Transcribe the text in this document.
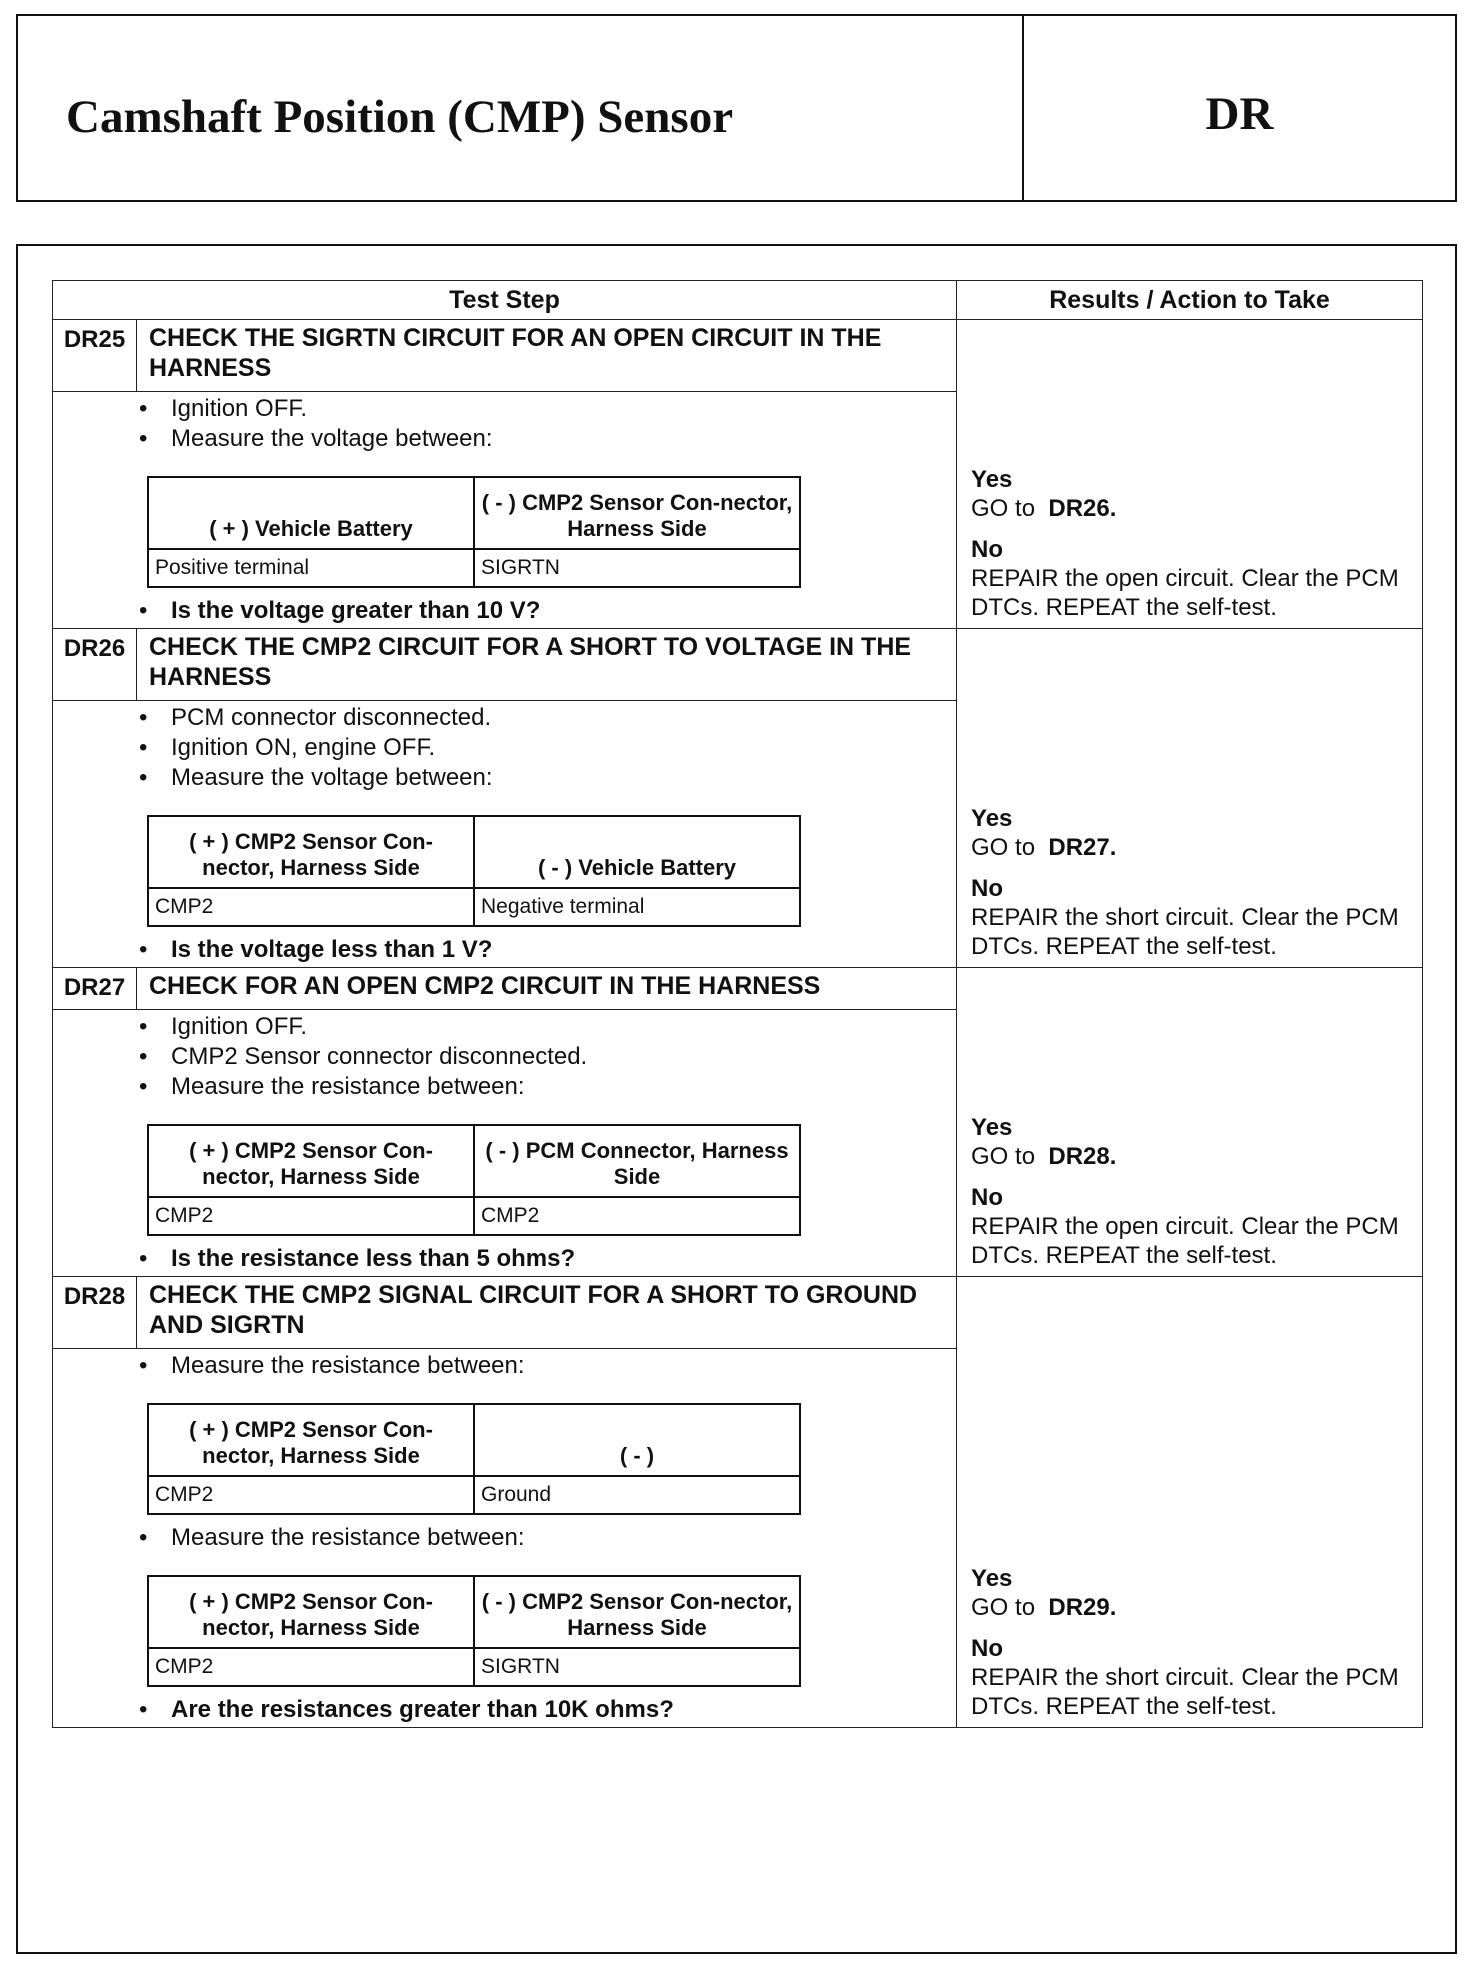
Camshaft Position (CMP) Sensor	DR
Test Step	Results / Action to Take
DR25	CHECK THE SIGRTN CIRCUIT FOR AN OPEN CIRCUIT IN THE HARNESS	
Yes
GO to DR26.
No
REPAIR the open circuit. Clear the PCM DTCs. REPEAT the self-test.

• Ignition OFF.
• Measure the voltage between:
( + ) Vehicle Battery	( - ) CMP2 Sensor Con-nector, Harness Side
Positive terminal	SIGRTN
• Is the voltage greater than 10 V?

DR26	CHECK THE CMP2 CIRCUIT FOR A SHORT TO VOLTAGE IN THE HARNESS	
Yes
GO to DR27.
No
REPAIR the short circuit. Clear the PCM DTCs. REPEAT the self-test.

• PCM connector disconnected.
• Ignition ON, engine OFF.
• Measure the voltage between:
( + ) CMP2 Sensor Con-nector, Harness Side	( - ) Vehicle Battery
CMP2	Negative terminal
• Is the voltage less than 1 V?

DR27	CHECK FOR AN OPEN CMP2 CIRCUIT IN THE HARNESS	
Yes
GO to DR28.
No
REPAIR the open circuit. Clear the PCM DTCs. REPEAT the self-test.

• Ignition OFF.
• CMP2 Sensor connector disconnected.
• Measure the resistance between:
( + ) CMP2 Sensor Con-nector, Harness Side	( - ) PCM Connector, Harness Side
CMP2	CMP2
• Is the resistance less than 5 ohms?

DR28	CHECK THE CMP2 SIGNAL CIRCUIT FOR A SHORT TO GROUND AND SIGRTN	
Yes
GO to DR29.
No
REPAIR the short circuit. Clear the PCM DTCs. REPEAT the self-test.

• Measure the resistance between:
( + ) CMP2 Sensor Con-nector, Harness Side	( - )
CMP2	Ground
• Measure the resistance between:
( + ) CMP2 Sensor Con-nector, Harness Side	( - ) CMP2 Sensor Con-nector, Harness Side
CMP2	SIGRTN
• Are the resistances greater than 10K ohms?
